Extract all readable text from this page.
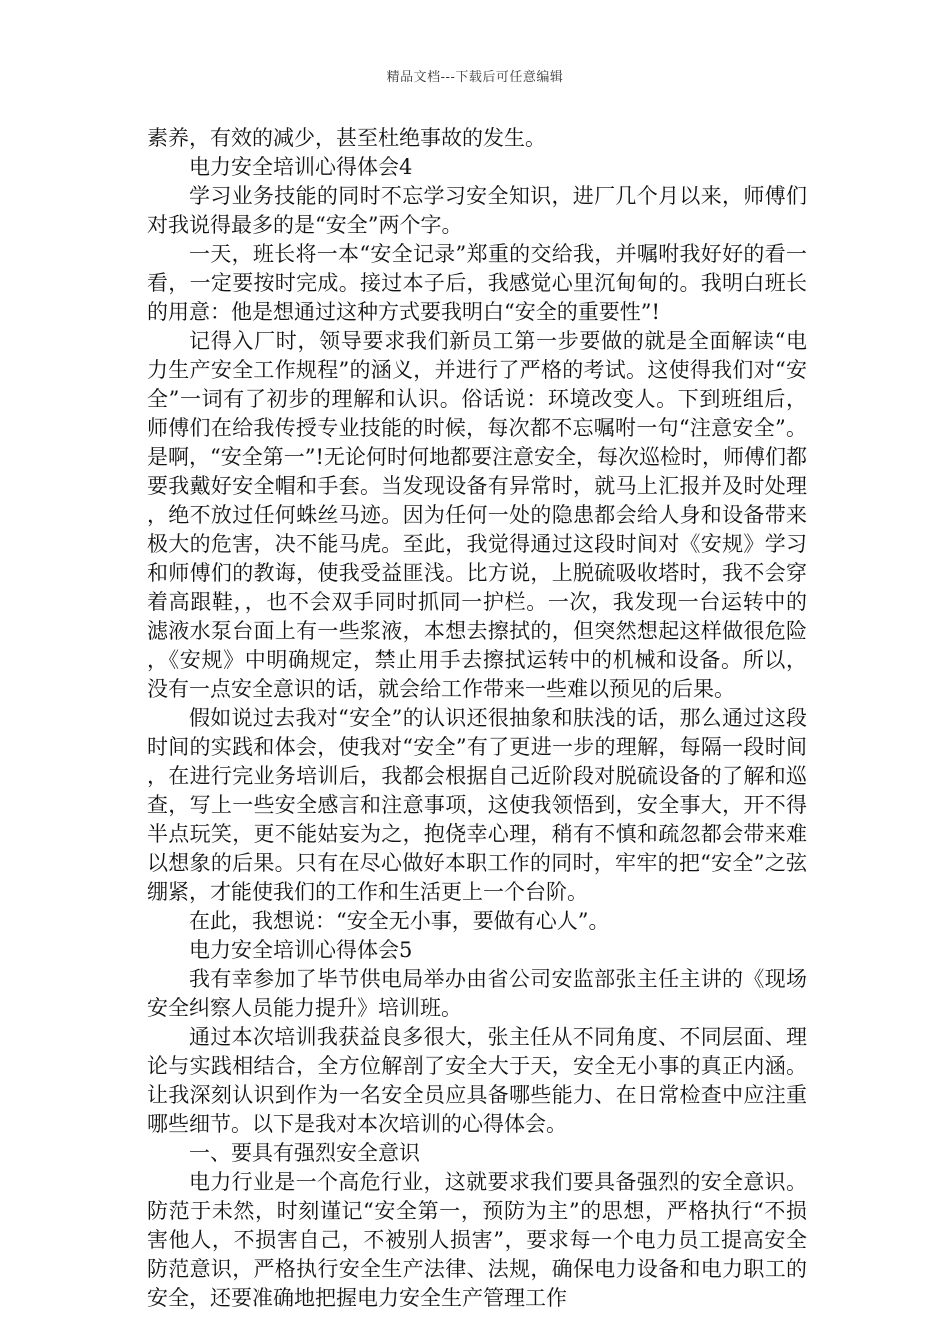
精品文档---下载后可任意编辑

素养，有效的减少，甚至杜绝事故的发生。

电力安全培训心得体会4

学习业务技能的同时不忘学习安全知识，进厂几个月以来，师傅们对我说得最多的是“安全”两个字。

一天，班长将一本“安全记录”郑重的交给我，并嘱咐我好好的看一看，一定要按时完成。接过本子后，我感觉心里沉甸甸的。我明白班长的用意：他是想通过这种方式要我明白“安全的重要性”!

记得入厂时，领导要求我们新员工第一步要做的就是全面解读“电力生产安全工作规程”的涵义，并进行了严格的考试。这使得我们对“安全”一词有了初步的理解和认识。俗话说：环境改变人。下到班组后，师傅们在给我传授专业技能的时候，每次都不忘嘱咐一句“注意安全”。是啊，“安全第一”!无论何时何地都要注意安全，每次巡检时，师傅们都要我戴好安全帽和手套。当发现设备有异常时，就马上汇报并及时处理，绝不放过任何蛛丝马迹。因为任何一处的隐患都会给人身和设备带来极大的危害，决不能马虎。至此，我觉得通过这段时间对《安规》学习和师傅们的教诲，使我受益匪浅。比方说，上脱硫吸收塔时，我不会穿着高跟鞋，，也不会双手同时抓同一护栏。一次，我发现一台运转中的滤液水泵台面上有一些浆液，本想去擦拭的，但突然想起这样做很危险，《安规》中明确规定，禁止用手去擦拭运转中的机械和设备。所以，没有一点安全意识的话，就会给工作带来一些难以预见的后果。

假如说过去我对“安全”的认识还很抽象和肤浅的话，那么通过这段时间的实践和体会，使我对“安全”有了更进一步的理解，每隔一段时间，在进行完业务培训后，我都会根据自己近阶段对脱硫设备的了解和巡查，写上一些安全感言和注意事项，这使我领悟到，安全事大，开不得半点玩笑，更不能姑妄为之，抱侥幸心理，稍有不慎和疏忽都会带来难以想象的后果。只有在尽心做好本职工作的同时，牢牢的把“安全”之弦绷紧，才能使我们的工作和生活更上一个台阶。

在此，我想说：“安全无小事，要做有心人”。

电力安全培训心得体会5

我有幸参加了毕节供电局举办由省公司安监部张主任主讲的《现场安全纠察人员能力提升》培训班。

通过本次培训我获益良多很大，张主任从不同角度、不同层面、理论与实践相结合，全方位解剖了安全大于天，安全无小事的真正内涵。让我深刻认识到作为一名安全员应具备哪些能力、在日常检查中应注重哪些细节。以下是我对本次培训的心得体会。

一、要具有强烈安全意识

电力行业是一个高危行业，这就要求我们要具备强烈的安全意识。防范于未然，时刻谨记“安全第一，预防为主”的思想，严格执行“不损害他人，不损害自己，不被别人损害”，要求每一个电力员工提高安全防范意识，严格执行安全生产法律、法规，确保电力设备和电力职工的安全，还要准确地把握电力安全生产管理工作
